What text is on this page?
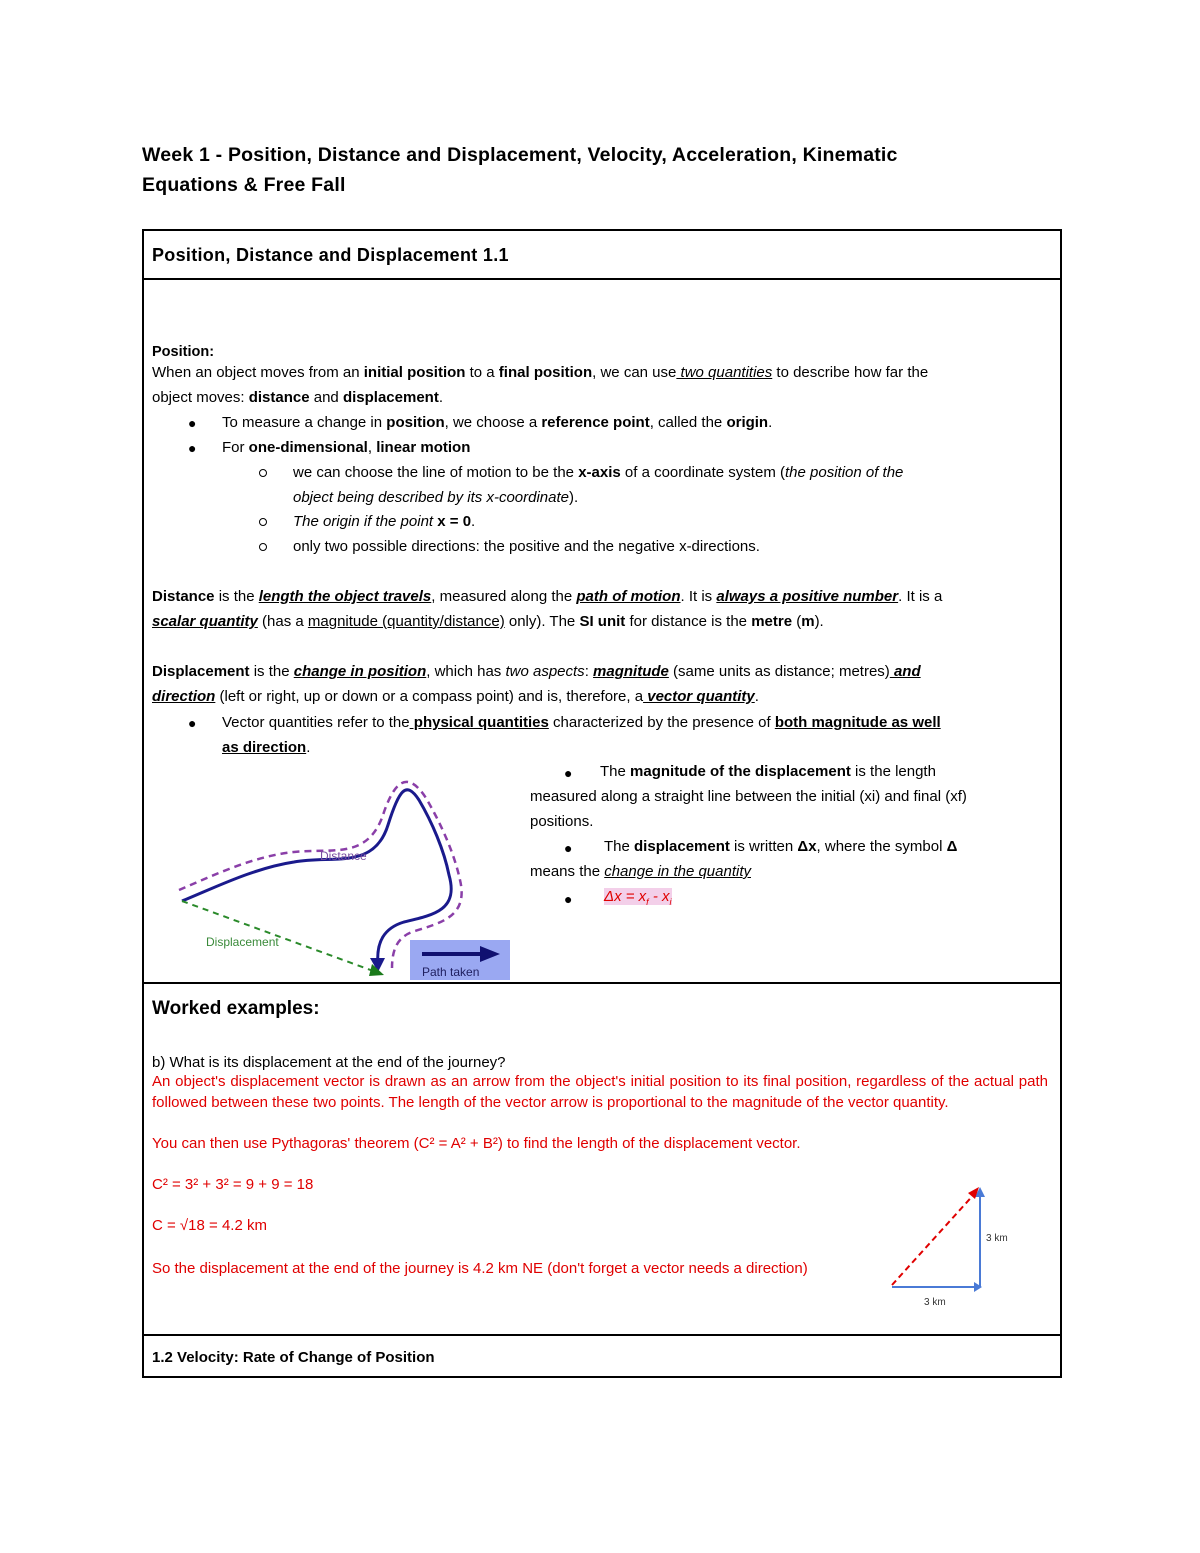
Week 1 - Position, Distance and Displacement, Velocity, Acceleration, Kinematic
Equations & Free Fall
Position, Distance and Displacement 1.1
Position:
When an object moves from an initial position to a final position, we can use two quantities to describe how far the
object moves: distance and displacement.
● To measure a change in position, we choose a reference point, called the origin.
● For one-dimensional, linear motion
we can choose the line of motion to be the x-axis of a coordinate system (the position of the
object being described by its x-coordinate).
The origin if the point x = 0.
only two possible directions: the positive and the negative x-directions.
Distance is the length the object travels, measured along the path of motion. It is always a positive number. It is a
scalar quantity (has a magnitude (quantity/distance) only). The SI unit for distance is the metre (m).
Displacement is the change in position, which has two aspects: magnitude (same units as distance; metres) and
direction (left or right, up or down or a compass point) and is, therefore, a vector quantity.
● Vector quantities refer to the physical quantities characterized by the presence of both magnitude as well
as direction.
●	The magnitude of the displacement is the length
measured along a straight line between the initial (xi) and final (xf)
positions.
●	The displacement is written Δx, where the symbol Δ
means the change in the quantity
● $\Delta x = x_f - x_i$
Distance
Displacement
Path taken
Worked examples:
b) What is its displacement at the end of the journey?
An object's displacement vector is drawn as an arrow from the object's initial position to its final position, regardless of the actual path followed between these two points. The length of the vector arrow is proportional to the magnitude of the vector quantity.
You can then use Pythagoras' theorem (C² = A² + B²) to find the length of the displacement vector.
C² = 3² + 3² = 9 + 9 = 18
C = √18 = 4.2 km
So the displacement at the end of the journey is 4.2 km NE (don't forget a vector needs a direction)
3 km
3 km
1.2 Velocity: Rate of Change of Position
